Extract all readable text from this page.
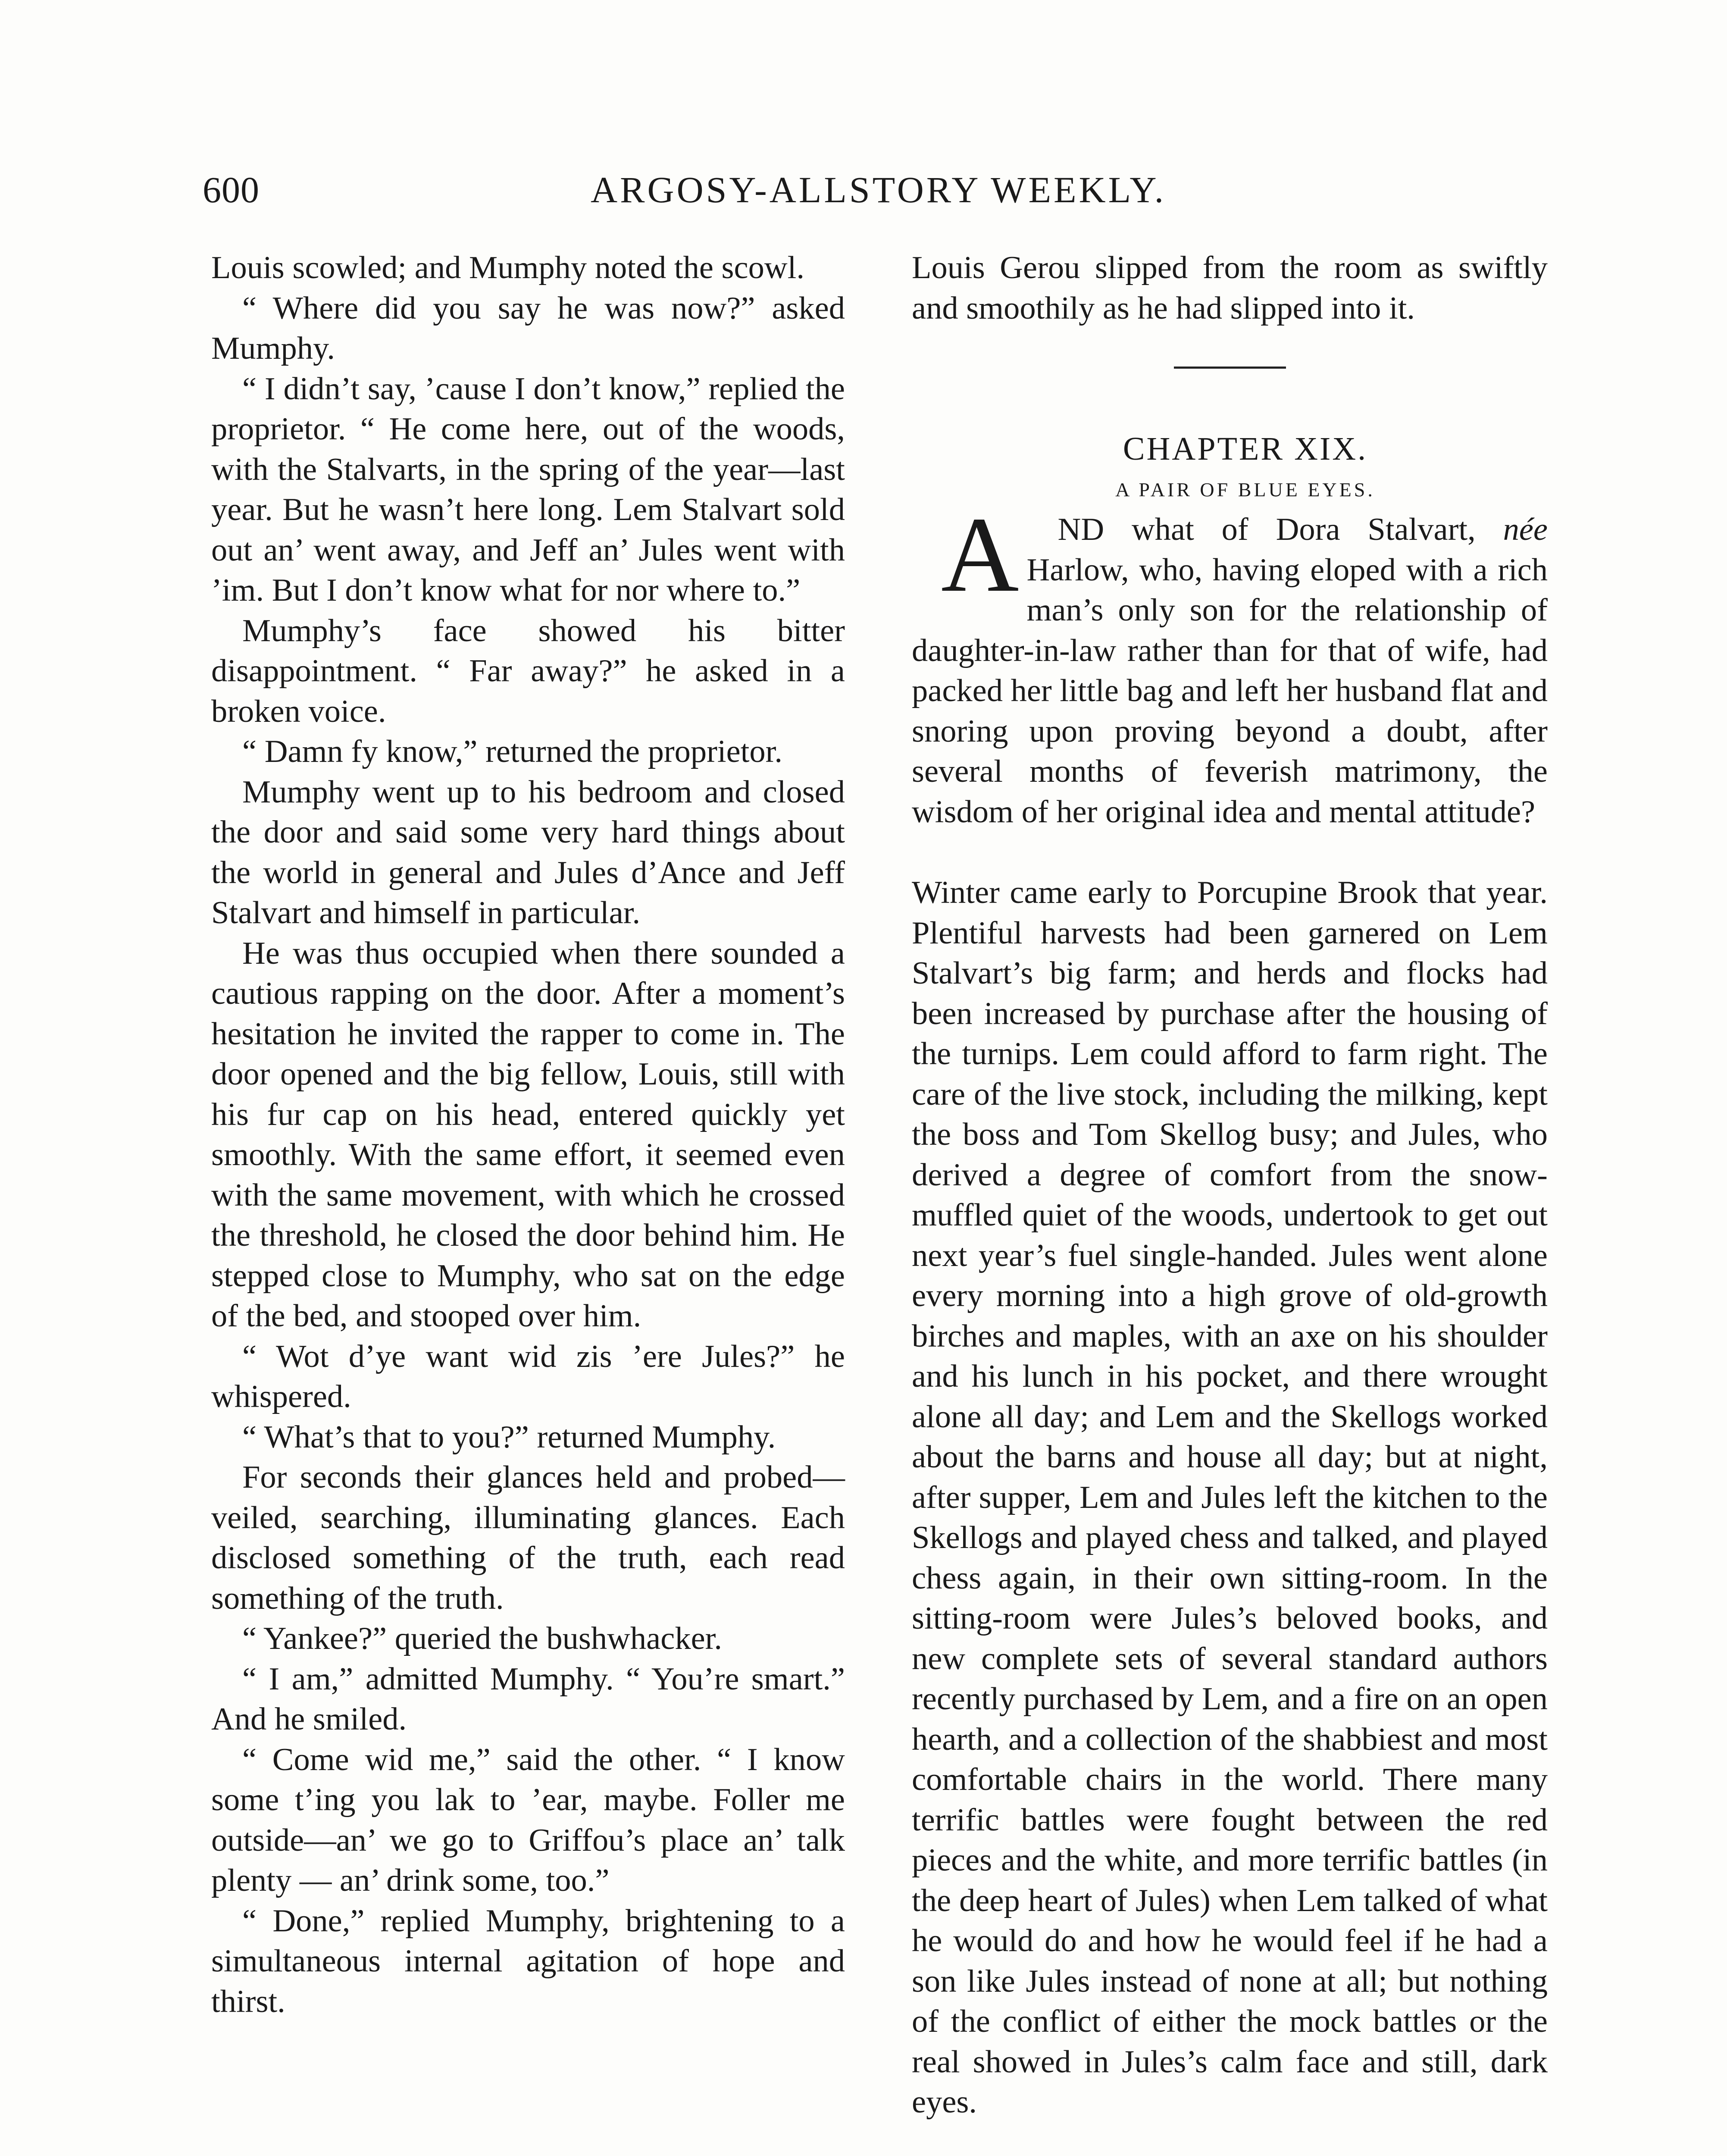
600	ARGOSY-ALLSTORY WEEKLY.

Louis scowled; and Mumphy noted the scowl.

“ Where did you say he was now?” asked Mumphy.

“ I didn’t say, ’cause I don’t know,” replied the proprietor. “ He come here, out of the woods, with the Stalvarts, in the spring of the year—last year. But he wasn’t here long. Lem Stalvart sold out an’ went away, and Jeff an’ Jules went with ’im. But I don’t know what for nor where to.”

Mumphy’s face showed his bitter disappointment. “ Far away?” he asked in a broken voice.

“ Damn fy know,” returned the proprietor.

Mumphy went up to his bedroom and closed the door and said some very hard things about the world in general and Jules d’Ance and Jeff Stalvart and himself in particular.

He was thus occupied when there sounded a cautious rapping on the door. After a moment’s hesitation he invited the rapper to come in. The door opened and the big fellow, Louis, still with his fur cap on his head, entered quickly yet smoothly. With the same effort, it seemed even with the same movement, with which he crossed the threshold, he closed the door behind him. He stepped close to Mumphy, who sat on the edge of the bed, and stooped over him.

“ Wot d’ye want wid zis ’ere Jules?” he whispered.

“ What’s that to you?” returned Mumphy.

For seconds their glances held and probed—veiled, searching, illuminating glances. Each disclosed something of the truth, each read something of the truth.

“ Yankee?” queried the bushwhacker.

“ I am,” admitted Mumphy. “ You’re smart.” And he smiled.

“ Come wid me,” said the other. “ I know some t’ing you lak to ’ear, maybe. Foller me outside—an’ we go to Griffou’s place an’ talk plenty — an’ drink some, too.”

“ Done,” replied Mumphy, brightening to a simultaneous internal agitation of hope and thirst.

Louis Gerou slipped from the room as swiftly and smoothily as he had slipped into it.

CHAPTER XIX.

A PAIR OF BLUE EYES.

A ND what of Dora Stalvart, née Harlow, who, having eloped with a rich man’s only son for the relationship of daughter-in-law rather than for that of wife, had packed her little bag and left her husband flat and snoring upon proving beyond a doubt, after several months of feverish matrimony, the wisdom of her original idea and mental attitude?

Winter came early to Porcupine Brook that year. Plentiful harvests had been garnered on Lem Stalvart’s big farm; and herds and flocks had been increased by purchase after the housing of the turnips. Lem could afford to farm right. The care of the live stock, including the milking, kept the boss and Tom Skellog busy; and Jules, who derived a degree of comfort from the snow-muffled quiet of the woods, undertook to get out next year’s fuel single-handed. Jules went alone every morning into a high grove of old-growth birches and maples, with an axe on his shoulder and his lunch in his pocket, and there wrought alone all day; and Lem and the Skellogs worked about the barns and house all day; but at night, after supper, Lem and Jules left the kitchen to the Skellogs and played chess and talked, and played chess again, in their own sitting-room. In the sitting-room were Jules’s beloved books, and new complete sets of several standard authors recently purchased by Lem, and a fire on an open hearth, and a collection of the shabbiest and most comfortable chairs in the world. There many terrific battles were fought between the red pieces and the white, and more terrific battles (in the deep heart of Jules) when Lem talked of what he would do and how he would feel if he had a son like Jules instead of none at all; but nothing of the conflict of either the mock battles or the real showed in Jules’s calm face and still, dark eyes.
